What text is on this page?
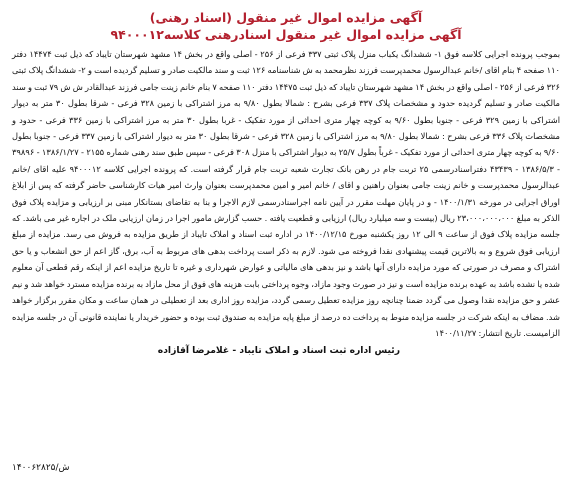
آگهی مزایده اموال غیر منقول (اسناد رهنی)
آگهی مزایده اموال غیر منقول اسنادرهنی کلاسه۹۴۰۰۰۱۲

بموجب پرونده اجرایی کلاسه فوق ۱- ششدانگ یکباب منزل پلاک ثبتی ۳۳۷ فرعی از ۲۵۶ - اصلی واقع در بخش ۱۴ مشهد شهرستان تایباد که ذیل ثبت ۱۴۴۷۴ دفتر ۱۱۰ صفحه ۴ بنام اقای /خانم عبدالرسول محمدپرست فرزند نظرمحمد به ش شناسنامه ۱۲۶ ثبت و سند مالکیت صادر و تسلیم گردیده است و ۲- ششدانگ پلاک ثبتی ۳۲۶ فرعی از ۲۵۶ - اصلی واقع در بخش ۱۴ مشهد شهرستان تایباد که ذیل ثبت ۱۴۴۷۵ دفتر ۱۱۰ صفحه ۷ بنام خانم زینت جامی فرزند عبدالقادر ش ش ۷۹ ثبت و سند مالکیت صادر و تسلیم گردیده حدود و مشخصات پلاک ۳۳۷ فرعی بشرح : شمالا بطول ۹/۸۰ به مرز اشتراکی با زمین ۳۲۸ فرعی - شرقا بطول ۳۰ متر به دیوار اشتراکی با زمین ۳۲۹ فرعی - جنوبا بطول ۹/۶۰ به کوچه چهار متری احداثی از مورد تفکیک - غربا بطول ۳۰ متر به مرز اشتراکی با زمین ۳۳۶ فرعی - حدود و مشخصات پلاک ۳۳۶ فرعی بشرح : شمالا بطول ۹/۸۰ به مرز اشتراکی با زمین ۳۲۸ فرعی - شرقا بطول ۳۰ متر به دیوار اشتراکی با زمین ۳۳۷ فرعی - جنوبا بطول ۹/۶۰ به کوچه چهار متری احداثی از مورد تفکیک - غرباً بطول ۲۵/۷ به دیوار اشتراکی با منزل ۳۰۸ فرعی - سپس طبق سند رهنی شماره ۲۱۵۵ - ۱۳۸۶/۱/۲۷ - ۳۹۸۹۶ - ۱۳۸۶/۵/۳ - ۴۳۴۳۹ دفتراسنادرسمی ۲۵ تربت جام در رهن بانک تجارت شعبه تربت جام قرار گرفته است. که پرونده اجرایی کلاسه ۹۴۰۰۰۱۲ علیه اقای /خانم عبدالرسول محمدپرست و خانم زینت جامی بعنوان راهنین و اقای / خانم امیر و امین محمدپرست بعنوان وارث امیر هیات کارشناسی حاضر گرفته که پس از ابلاغ اوراق اجرایی در مورخه ۱۴۰۰/۱/۳۱ - و در پایان مهلت مقرر در آیین نامه اجراسنادرسمی لازم الاجرا و بنا به تقاضای بستانکار مبنی بر ارزیابی و مزایده پلاک فوق الذکر به مبلغ ۲۳،۰۰۰،۰۰۰،۰۰۰ ریال (بیست و سه میلیارد ریال) ارزیابی و قطعیت یافته . حسب گزارش مامور اجرا در زمان ارزیابی ملک در اجاره غیر می باشد. که جلسه مزایده پلاک فوق از ساعت ۹ الی ۱۲ روز یکشنبه مورخ ۱۴۰۰/۱۲/۱۵ در اداره ثبت اسناد و املاک تایباد از طریق مزایده به فروش می رسد. مزایده از مبلغ ارزیابی فوق شروع و به بالاترین قیمت پیشنهادی نقدا فروخته می شود. لازم به ذکر است پرداخت بدهی های مربوط به آب، برق، گاز اعم از حق انشعاب و یا حق اشتراک و مصرف در صورتی که مورد مزایده دارای آنها باشد و نیز بدهی های مالیاتی و عوارض شهرداری و غیره تا تاریخ مزایده اعم از اینکه رقم قطعی آن معلوم شده یا نشده باشد به عهده برنده مزایده است و نیز در صورت وجود مازاد، وجوه پرداختی بابت هزینه های فوق از محل مازاد به برنده مزایده مسترد خواهد شد و نیم عشر و حق مزایده نقدا وصول می گردد ضمنا چنانچه روز مزایده تعطیل رسمی گردد، مزایده روز اداری بعد از تعطیلی در همان ساعت و مکان مقرر برگزار خواهد شد. مضاف به اینکه شرکت در جلسه مزایده منوط به پرداخت ده درصد از مبلغ پایه مزایده به صندوق ثبت بوده و حضور خریدار یا نماینده قانونی آن در جلسه مزایده الزامیست. تاریخ انتشار: ۱۴۰۰/۱۱/۲۷

رئیس اداره ثبت اسناد و املاک تایباد - غلامرضا آقازاده
۱۴۰۰۶۲۸۲۵/ش
